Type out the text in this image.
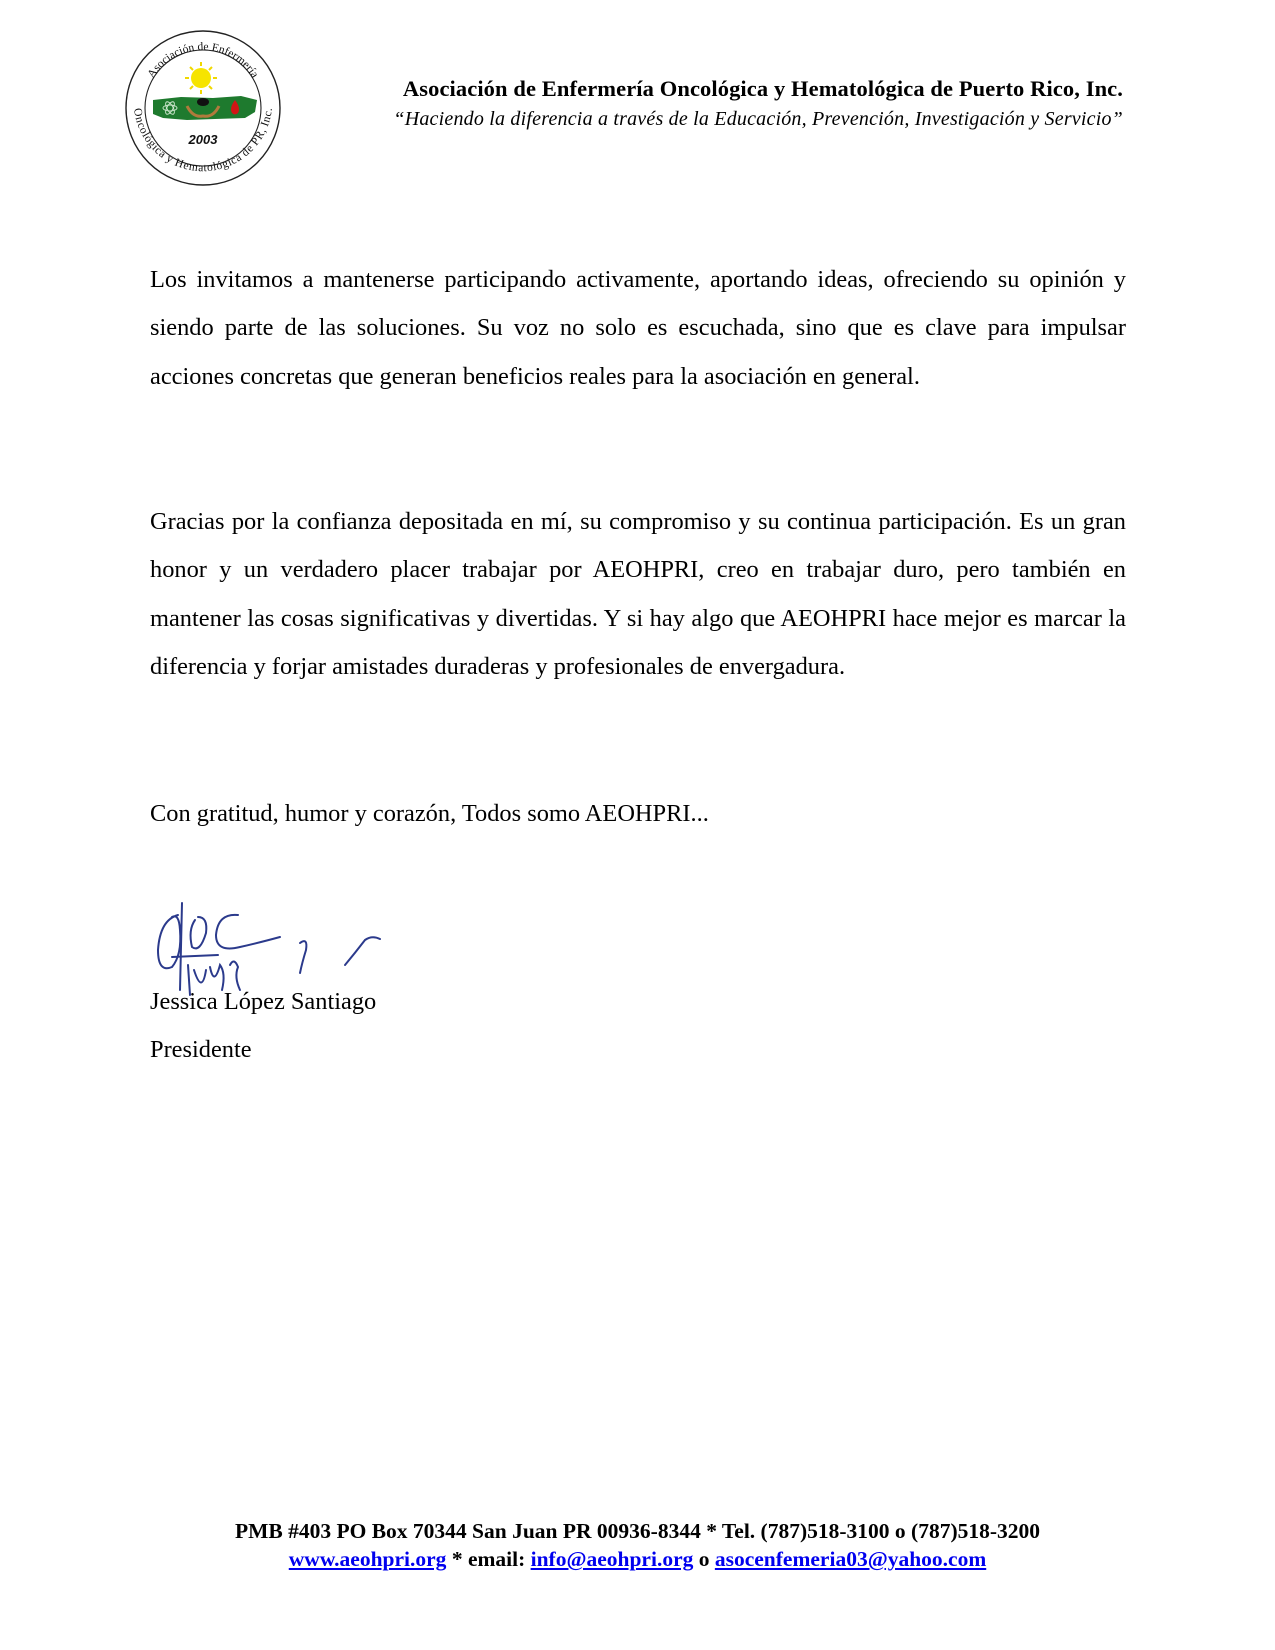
Asociación de Enfermería
Oncológica y Hematológica de PR, Inc.
2003
Asociación de Enfermería Oncológica y Hematológica de Puerto Rico, Inc.
“Haciendo la diferencia a través de la Educación, Prevención, Investigación y Servicio”

Los invitamos a mantenerse participando activamente, aportando ideas, ofreciendo su opinión y siendo parte de las soluciones. Su voz no solo es escuchada, sino que es clave para impulsar acciones concretas que generan beneficios reales para la asociación en general.

Gracias por la confianza depositada en mí, su compromiso y su continua participación. Es un gran honor y un verdadero placer trabajar por AEOHPRI, creo en trabajar duro, pero también en mantener las cosas significativas y divertidas. Y si hay algo que AEOHPRI hace mejor es marcar la diferencia y forjar amistades duraderas y profesionales de envergadura.

Con gratitud, humor y corazón, Todos somo AEOHPRI...

Jessica López Santiago
Presidente
PMB #403 PO Box 70344 San Juan PR 00936-8344 * Tel. (787)518-3100 o (787)518-3200
www.aeohpri.org * email: info@aeohpri.org o asocenfemeria03@yahoo.com
